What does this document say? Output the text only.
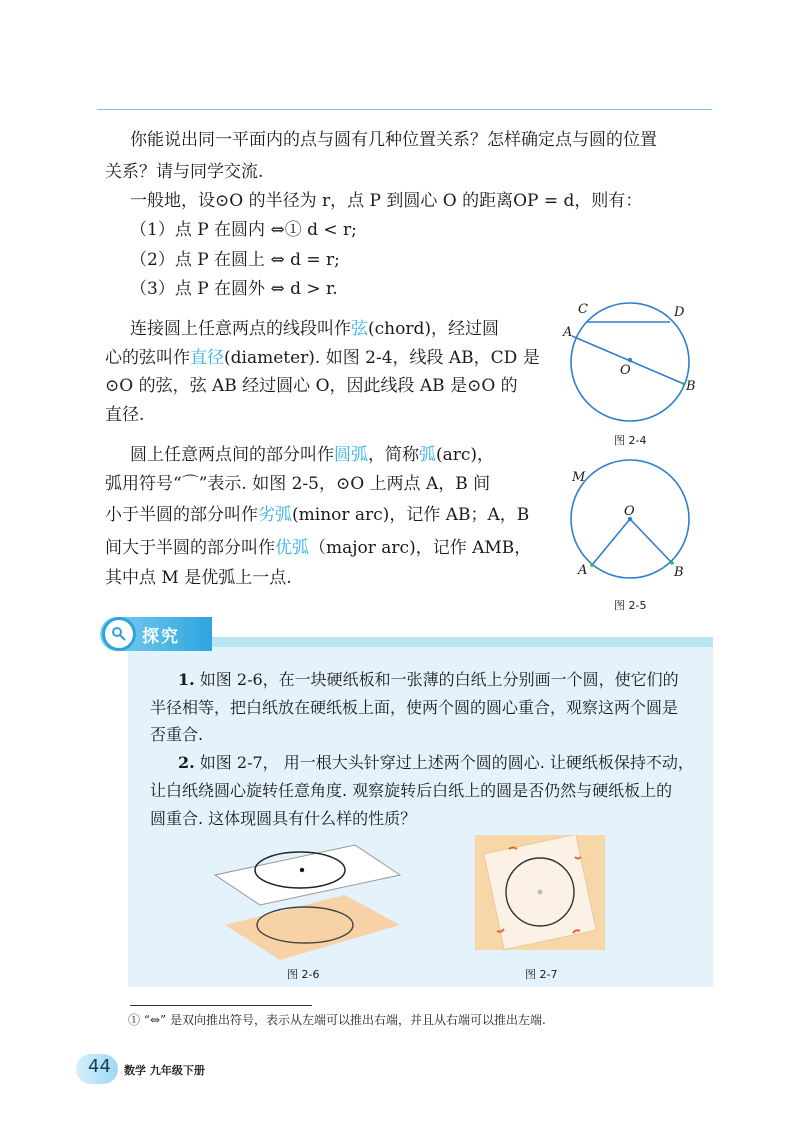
你能说出同一平面内的点与圆有几种位置关系？怎样确定点与圆的位置
关系？请与同学交流.
一般地，设⊙O 的半径为 r，点 P 到圆心 O 的距离OP = d，则有：
（1）点 P 在圆内 ⇔① d < r;
（2）点 P 在圆上 ⇔ d = r;
（3）点 P 在圆外 ⇔ d > r.
连接圆上任意两点的线段叫作弦(chord)，经过圆
心的弦叫作直径(diameter). 如图 2-4，线段 AB，CD 是
⊙O 的弦，弦 AB 经过圆心 O，因此线段 AB 是⊙O 的
直径.
圆上任意两点间的部分叫作圆弧，简称弧(arc)，
弧用符号“⌒”表示. 如图 2-5，⊙O 上两点 A，B 间
小于半圆的部分叫作劣弧(minor arc)，记作 AB；A，B
间大于半圆的部分叫作优弧（major arc)，记作 AMB，
其中点 M 是优弧上一点.
C	D
A
O
B
图 2-4
M
O
A	B
图 2-5
探究
1. 如图 2-6，在一块硬纸板和一张薄的白纸上分别画一个圆，使它们的
半径相等，把白纸放在硬纸板上面，使两个圆的圆心重合，观察这两个圆是
否重合.
2. 如图 2-7， 用一根大头针穿过上述两个圆的圆心. 让硬纸板保持不动，
让白纸绕圆心旋转任意角度. 观察旋转后白纸上的圆是否仍然与硬纸板上的
圆重合. 这体现圆具有什么样的性质？
图 2-6	图 2-7
① “⇔” 是双向推出符号，表示从左端可以推出右端，并且从右端可以推出左端.
44 数学 九年级下册
